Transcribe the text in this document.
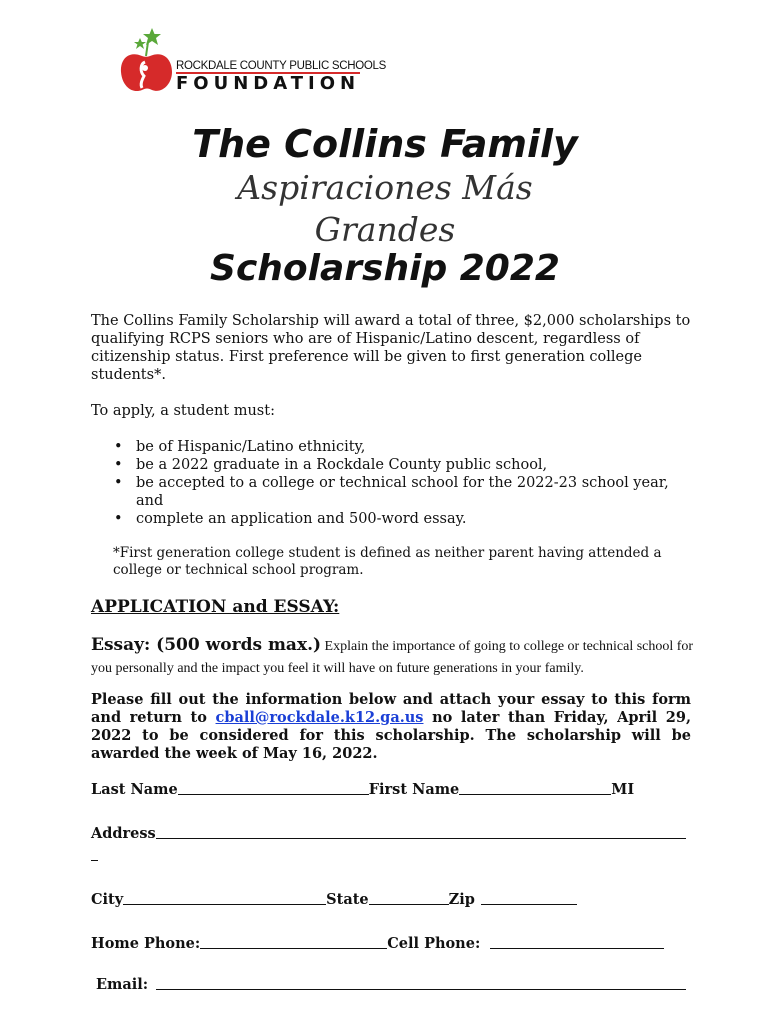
ROCKDALE COUNTY PUBLIC SCHOOLS
FOUNDATION
The Collins Family
Aspiraciones Más
Grandes
Scholarship 2022

The Collins Family Scholarship will award a total of three, $2,000 scholarships to qualifying RCPS seniors who are of Hispanic/Latino descent, regardless of citizenship status. First preference will be given to first generation college students*.

To apply, a student must:

• be of Hispanic/Latino ethnicity,
• be a 2022 graduate in a Rockdale County public school,
• be accepted to a college or technical school for the 2022-23 school year, and
• complete an application and 500-word essay.

*First generation college student is defined as neither parent having attended a college or technical school program.

APPLICATION and ESSAY:

Essay: (500 words max.) Explain the importance of going to college or technical school for you personally and the impact you feel it will have on future generations in your family.

Please fill out the information below and attach your essay to this form and return to cball@rockdale.k12.ga.us no later than Friday, April 29, 2022 to be considered for this scholarship. The scholarship will be awarded the week of May 16, 2022.

Last Name	First Name	MI
Address
City	State	Zip
Home Phone:	Cell Phone:
Email:
